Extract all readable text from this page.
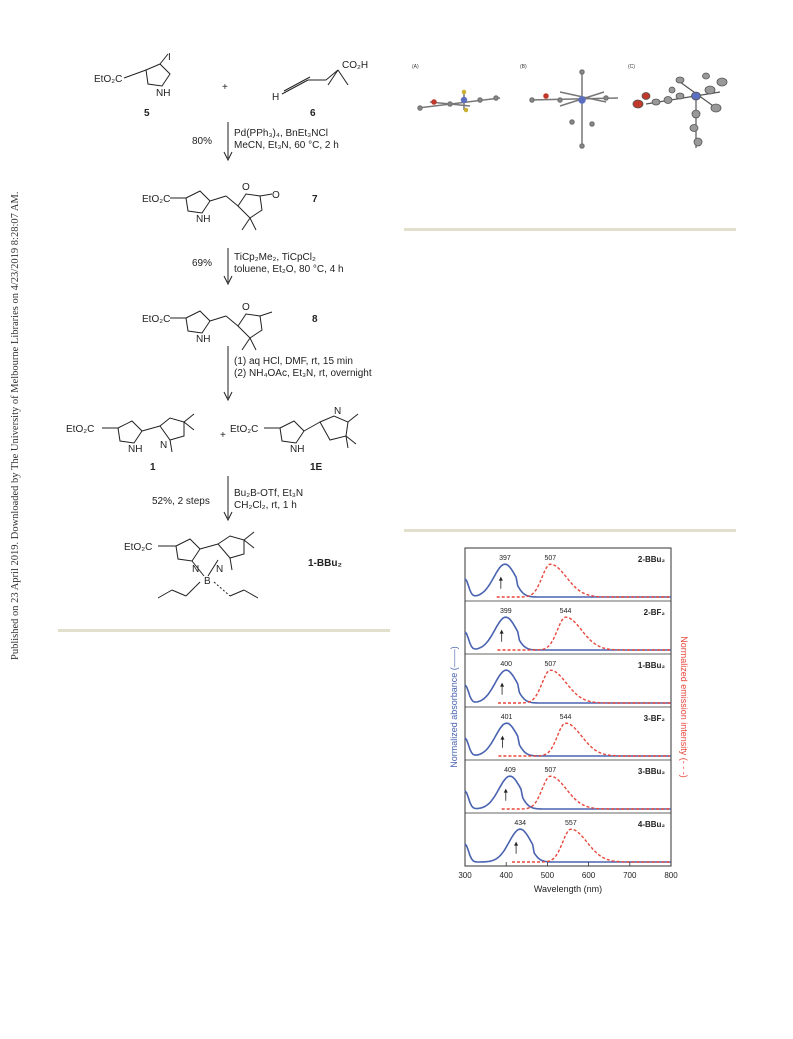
Published on 23 April 2019. Downloaded by The University of Melbourne Libraries on 4/23/2019 8:28:07 AM.
EtO₂C
I
NH
+
H
CO₂H
5	6
80%
Pd(PPh₃)₄, BnEt₃NCl
MeCN, Et₃N, 60 °C, 2 h
EtO₂C
NH
O
O	7
69%
TiCp₂Me₂, TiCpCl₂
toluene, Et₂O, 80 °C, 4 h
EtO₂C
NH
O
8
(1) aq HCl, DMF, rt, 15 min
(2) NH₄OAc, Et₃N, rt, overnight
EtO₂C
NH N
+
EtO₂C
NH
N
1	1E
52%, 2 steps
Bu₂B-OTf, Et₃N
CH₂Cl₂, rt, 1 h
EtO₂C
N N
B
1-BBu₂
(A)	(B)	(C)
397	507	2-BBu₂
399	544	2-BF₂
400	507	1-BBu₂
401	544	3-BF₂
409	507	3-BBu₂
434	557	4-BBu₂
300	400	500	600	700	800
Wavelength (nm)
Normalized absorbance (——)	Normalized emission intensity (- - -)
